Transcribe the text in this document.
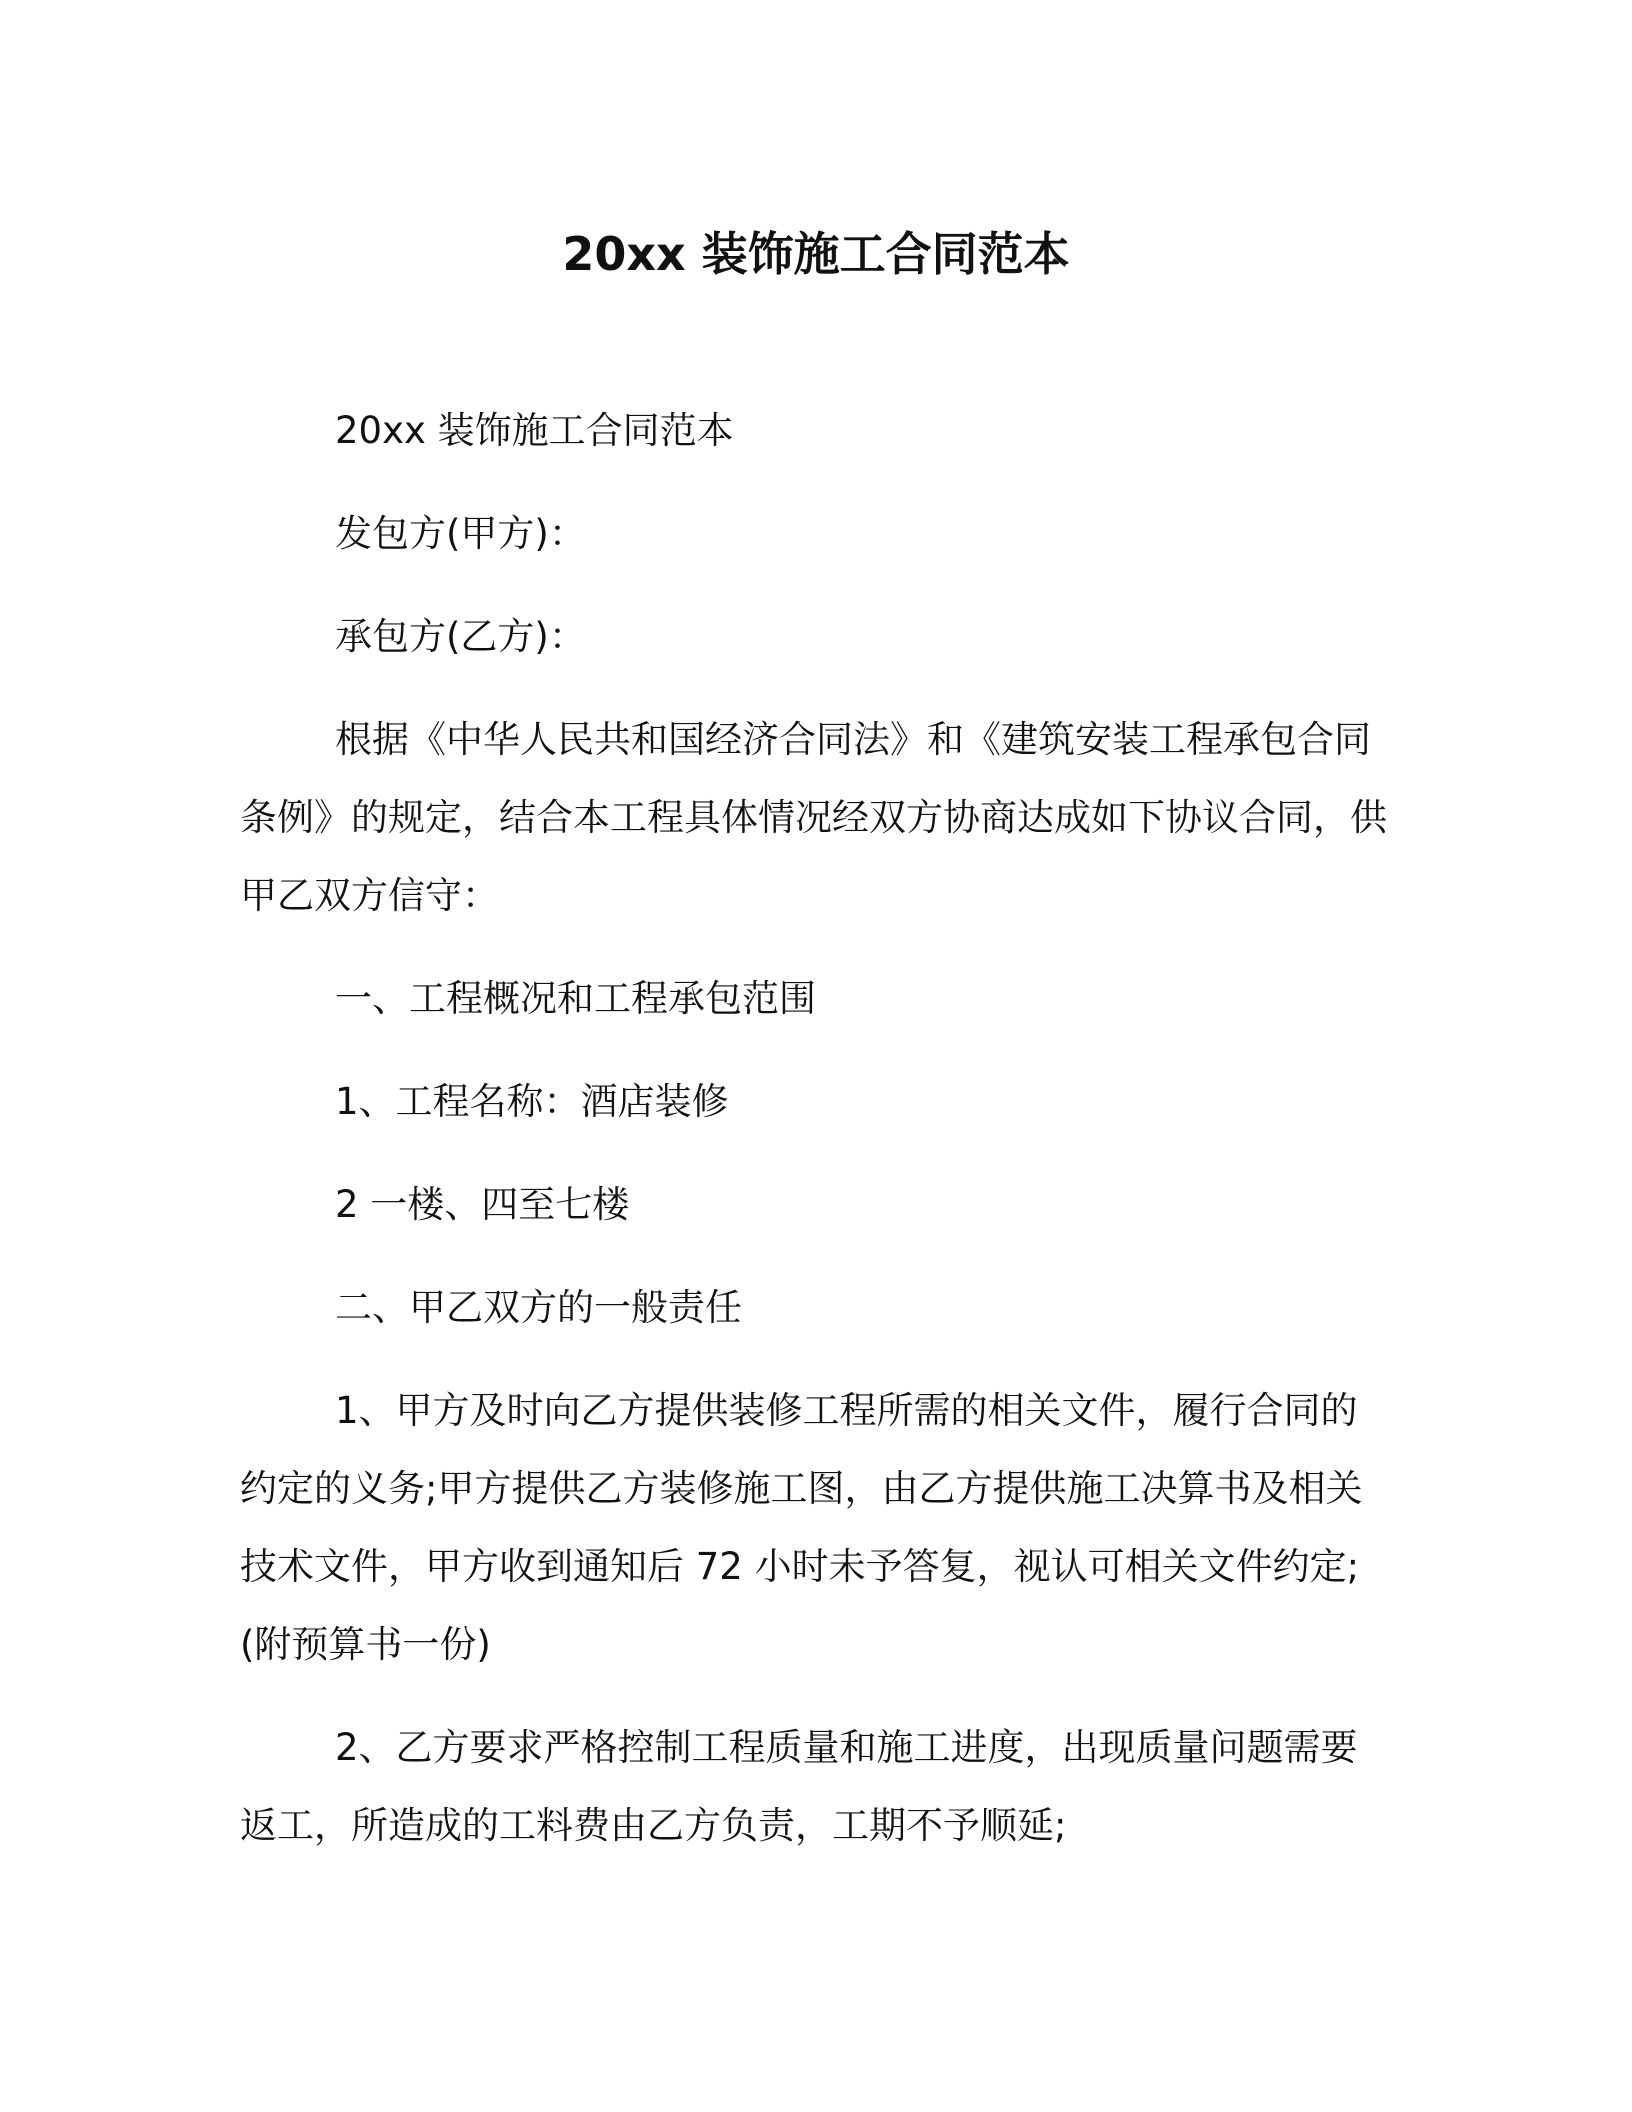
20xx 装饰施工合同范本

20xx 装饰施工合同范本

发包方(甲方)：

承包方(乙方)：

根据《中华人民共和国经济合同法》和《建筑安装工程承包合同条例》的规定，结合本工程具体情况经双方协商达成如下协议合同，供甲乙双方信守：

一、工程概况和工程承包范围

1、工程名称：酒店装修

2 一楼、四至七楼

二、甲乙双方的一般责任

1、甲方及时向乙方提供装修工程所需的相关文件，履行合同的约定的义务;甲方提供乙方装修施工图，由乙方提供施工决算书及相关技术文件，甲方收到通知后 72 小时未予答复，视认可相关文件约定;(附预算书一份)

2、乙方要求严格控制工程质量和施工进度，出现质量问题需要返工，所造成的工料费由乙方负责，工期不予顺延;
